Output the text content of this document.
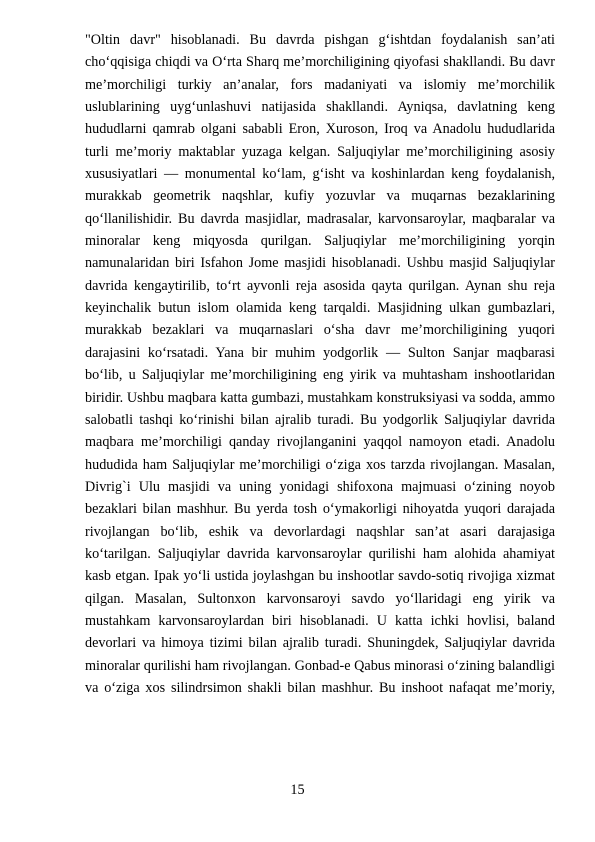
"Oltin davr" hisoblanadi. Bu davrda pishgan g‘ishtdan foydalanish san’ati
cho‘qqisiga chiqdi va O‘rta Sharq me’morchiligining qiyofasi shakllandi. Bu davr
me’morchiligi turkiy an’analar, fors madaniyati va islomiy me’morchilik
uslublarining uyg‘unlashuvi natijasida shakllandi. Ayniqsa, davlatning keng
hududlarni qamrab olgani sababli Eron, Xuroson, Iroq va Anadolu hududlarida
turli me’moriy maktablar yuzaga kelgan. Saljuqiylar me’morchiligining asosiy
xususiyatlari — monumental ko‘lam, g‘isht va koshinlardan keng foydalanish,
murakkab geometrik naqshlar, kufiy yozuvlar va muqarnas bezaklarining
qo‘llanilishidir. Bu davrda masjidlar, madrasalar, karvonsaroylar, maqbaralar va
minoralar keng miqyosda qurilgan. Saljuqiylar me’morchiligining yorqin
namunalaridan biri Isfahon Jome masjidi hisoblanadi. Ushbu masjid Saljuqiylar
davrida kengaytirilib, to‘rt ayvonli reja asosida qayta qurilgan. Aynan shu reja
keyinchalik butun islom olamida keng tarqaldi. Masjidning ulkan gumbazlari,
murakkab bezaklari va muqarnaslari o‘sha davr me’morchiligining yuqori
darajasini ko‘rsatadi. Yana bir muhim yodgorlik — Sulton Sanjar maqbarasi
bo‘lib, u Saljuqiylar me’morchiligining eng yirik va muhtasham inshootlaridan
biridir. Ushbu maqbara katta gumbazi, mustahkam konstruksiyasi va sodda, ammo
salobatli tashqi ko‘rinishi bilan ajralib turadi. Bu yodgorlik Saljuqiylar davrida
maqbara me’morchiligi qanday rivojlanganini yaqqol namoyon etadi. Anadolu
hududida ham Saljuqiylar me’morchiligi o‘ziga xos tarzda rivojlangan. Masalan,
Divrig`i Ulu masjidi va uning yonidagi shifoxona majmuasi o‘zining noyob
bezaklari bilan mashhur. Bu yerda tosh o‘ymakorligi nihoyatda yuqori darajada
rivojlangan bo‘lib, eshik va devorlardagi naqshlar san’at asari darajasiga
ko‘tarilgan. Saljuqiylar davrida karvonsaroylar qurilishi ham alohida ahamiyat
kasb etgan. Ipak yo‘li ustida joylashgan bu inshootlar savdo-sotiq rivojiga xizmat
qilgan. Masalan, Sultonxon karvonsaroyi savdo yo‘llaridagi eng yirik va
mustahkam karvonsaroylardan biri hisoblanadi. U katta ichki hovlisi, baland
devorlari va himoya tizimi bilan ajralib turadi. Shuningdek, Saljuqiylar davrida
minoralar qurilishi ham rivojlangan. Gonbad-e Qabus minorasi o‘zining balandligi
va o‘ziga xos silindrsimon shakli bilan mashhur. Bu inshoot nafaqat me’moriy,
15
